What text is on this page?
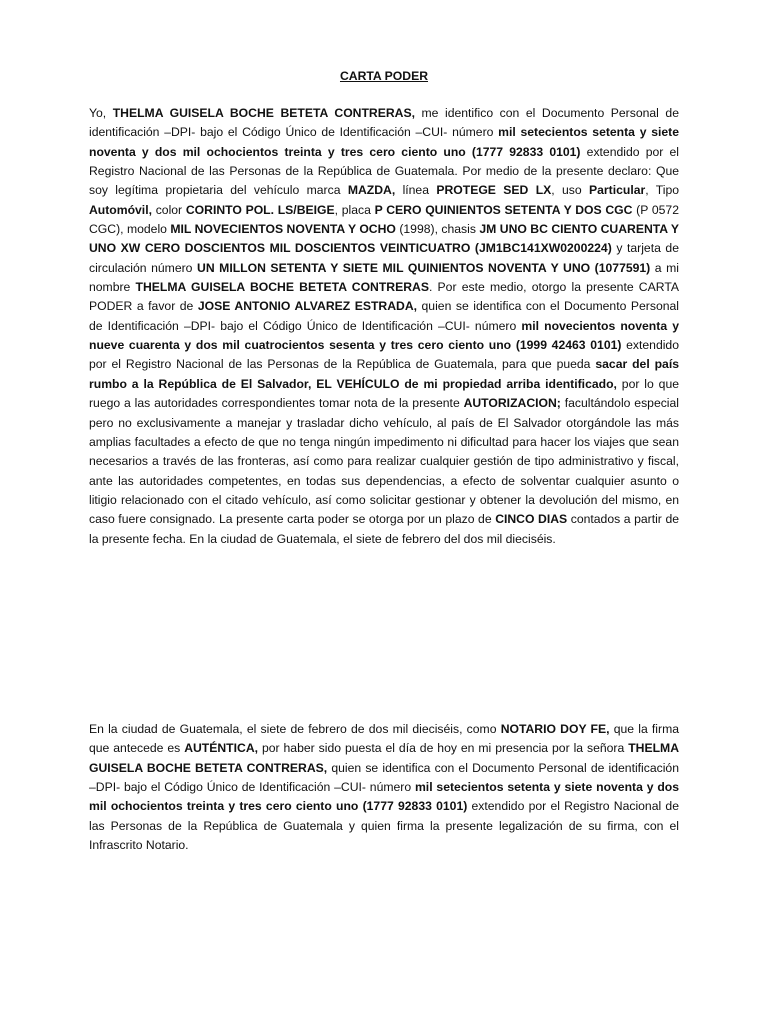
CARTA PODER

Yo, THELMA GUISELA BOCHE BETETA CONTRERAS, me identifico con el Documento Personal de identificación –DPI- bajo el Código Único de Identificación –CUI- número mil setecientos setenta y siete noventa y dos mil ochocientos treinta y tres cero ciento uno (1777 92833 0101) extendido por el Registro Nacional de las Personas de la República de Guatemala. Por medio de la presente declaro: Que soy legítima propietaria del vehículo marca MAZDA, línea PROTEGE SED LX, uso Particular, Tipo Automóvil, color CORINTO POL. LS/BEIGE, placa P CERO QUINIENTOS SETENTA Y DOS CGC (P 0572 CGC), modelo MIL NOVECIENTOS NOVENTA Y OCHO (1998), chasis JM UNO BC CIENTO CUARENTA Y UNO XW CERO DOSCIENTOS MIL DOSCIENTOS VEINTICUATRO (JM1BC141XW0200224) y tarjeta de circulación número UN MILLON SETENTA Y SIETE MIL QUINIENTOS NOVENTA Y UNO (1077591) a mi nombre THELMA GUISELA BOCHE BETETA CONTRERAS. Por este medio, otorgo la presente CARTA PODER a favor de JOSE ANTONIO ALVAREZ ESTRADA, quien se identifica con el Documento Personal de Identificación –DPI- bajo el Código Único de Identificación –CUI- número mil novecientos noventa y nueve cuarenta y dos mil cuatrocientos sesenta y tres cero ciento uno (1999 42463 0101) extendido por el Registro Nacional de las Personas de la República de Guatemala, para que pueda sacar del país rumbo a la República de El Salvador, EL VEHÍCULO de mi propiedad arriba identificado, por lo que ruego a las autoridades correspondientes tomar nota de la presente AUTORIZACION; facultándolo especial pero no exclusivamente a manejar y trasladar dicho vehículo, al país de El Salvador otorgándole las más amplias facultades a efecto de que no tenga ningún impedimento ni dificultad para hacer los viajes que sean necesarios a través de las fronteras, así como para realizar cualquier gestión de tipo administrativo y fiscal, ante las autoridades competentes, en todas sus dependencias, a efecto de solventar cualquier asunto o litigio relacionado con el citado vehículo, así como solicitar gestionar y obtener la devolución del mismo, en caso fuere consignado. La presente carta poder se otorga por un plazo de CINCO DIAS contados a partir de la presente fecha. En la ciudad de Guatemala, el siete de febrero del dos mil dieciséis.

En la ciudad de Guatemala, el siete de febrero de dos mil dieciséis, como NOTARIO DOY FE, que la firma que antecede es AUTÉNTICA, por haber sido puesta el día de hoy en mi presencia por la señora THELMA GUISELA BOCHE BETETA CONTRERAS, quien se identifica con el Documento Personal de identificación –DPI- bajo el Código Único de Identificación –CUI- número mil setecientos setenta y siete noventa y dos mil ochocientos treinta y tres cero ciento uno (1777 92833 0101) extendido por el Registro Nacional de las Personas de la República de Guatemala y quien firma la presente legalización de su firma, con el Infrascrito Notario.
